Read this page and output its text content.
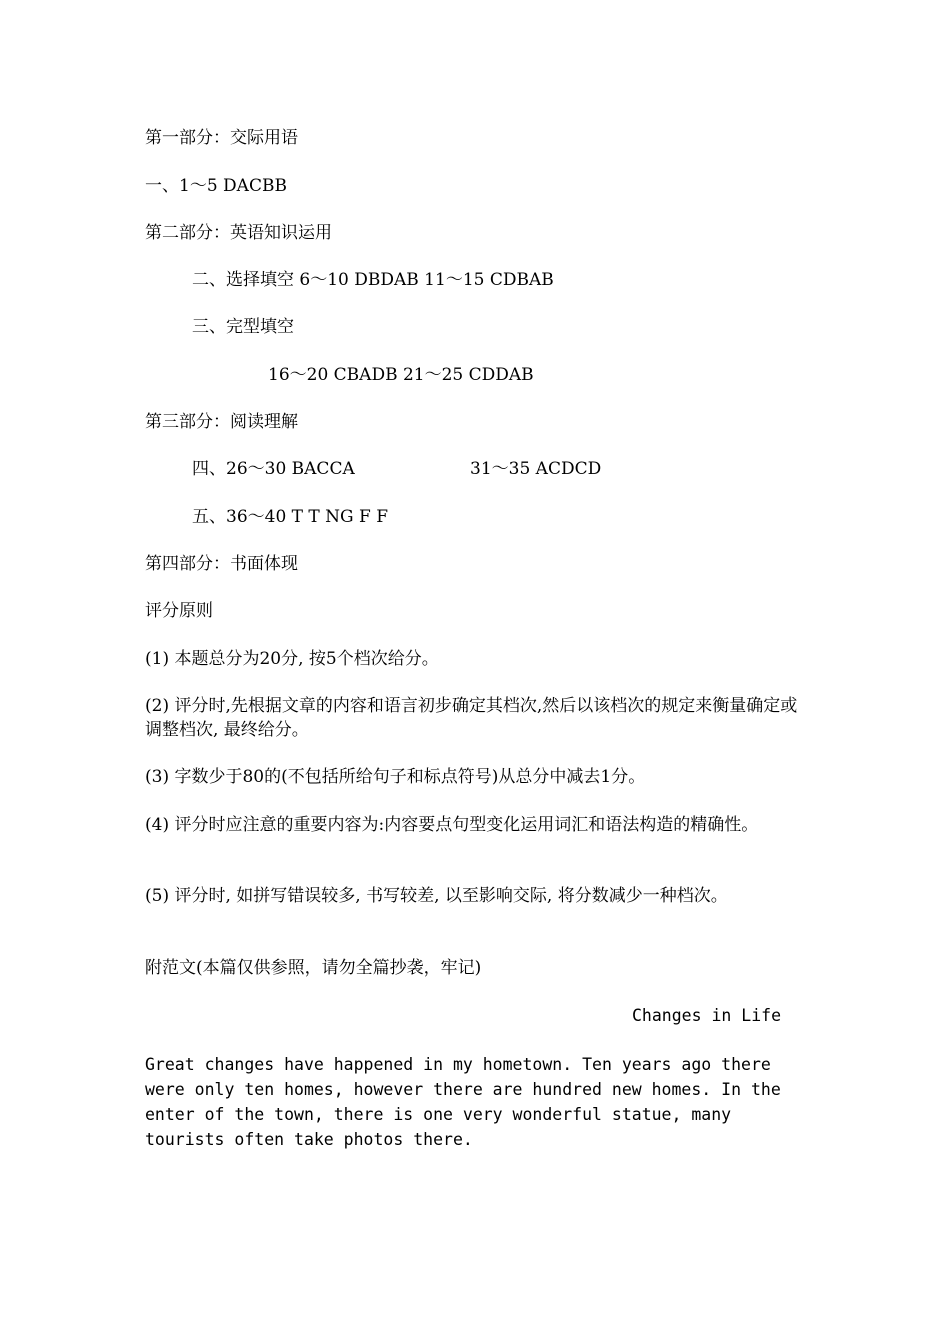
第一部分：交际用语
一、1～5 DACBB
第二部分：英语知识运用
二、选择填空 6～10 DBDAB 11～15 CDBAB
三、完型填空
16～20 CBADB 21～25 CDDAB
第三部分：阅读理解
四、26～30 BACCA	31～35 ACDCD
五、36～40 T T NG F F
第四部分：书面体现
评分原则
(1) 本题总分为20分, 按5个档次给分。
(2) 评分时,先根据文章的内容和语言初步确定其档次,然后以该档次的规定来衡量确定或调整档次, 最终给分。
(3) 字数少于80的(不包括所给句子和标点符号)从总分中减去1分。
(4) 评分时应注意的重要内容为:内容要点句型变化运用词汇和语法构造的精确性。
(5) 评分时, 如拼写错误较多, 书写较差, 以至影响交际, 将分数减少一种档次。
附范文(本篇仅供参照，请勿全篇抄袭，牢记)
Changes in Life
Great changes have happened in my hometown. Ten years ago there were only ten homes, however there are hundred new homes. In the enter of the town, there is one very wonderful statue, many tourists often take photos there.
